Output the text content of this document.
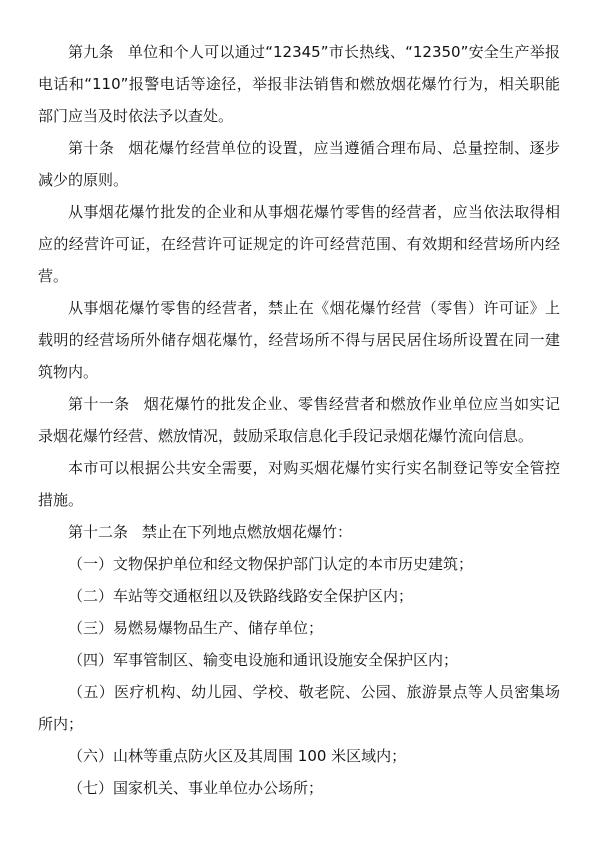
第九条 单位和个人可以通过“12345”市长热线、“12350”安全生产举报电话和“110”报警电话等途径，举报非法销售和燃放烟花爆竹行为，相关职能部门应当及时依法予以查处。

第十条 烟花爆竹经营单位的设置，应当遵循合理布局、总量控制、逐步减少的原则。

从事烟花爆竹批发的企业和从事烟花爆竹零售的经营者，应当依法取得相应的经营许可证，在经营许可证规定的许可经营范围、有效期和经营场所内经营。

从事烟花爆竹零售的经营者，禁止在《烟花爆竹经营（零售）许可证》上载明的经营场所外储存烟花爆竹，经营场所不得与居民居住场所设置在同一建筑物内。

第十一条 烟花爆竹的批发企业、零售经营者和燃放作业单位应当如实记录烟花爆竹经营、燃放情况，鼓励采取信息化手段记录烟花爆竹流向信息。

本市可以根据公共安全需要，对购买烟花爆竹实行实名制登记等安全管控措施。

第十二条 禁止在下列地点燃放烟花爆竹：

（一）文物保护单位和经文物保护部门认定的本市历史建筑；

（二）车站等交通枢纽以及铁路线路安全保护区内；

（三）易燃易爆物品生产、储存单位；

（四）军事管制区、输变电设施和通讯设施安全保护区内；

（五）医疗机构、幼儿园、学校、敬老院、公园、旅游景点等人员密集场所内；

（六）山林等重点防火区及其周围 100 米区域内；

（七）国家机关、事业单位办公场所；
